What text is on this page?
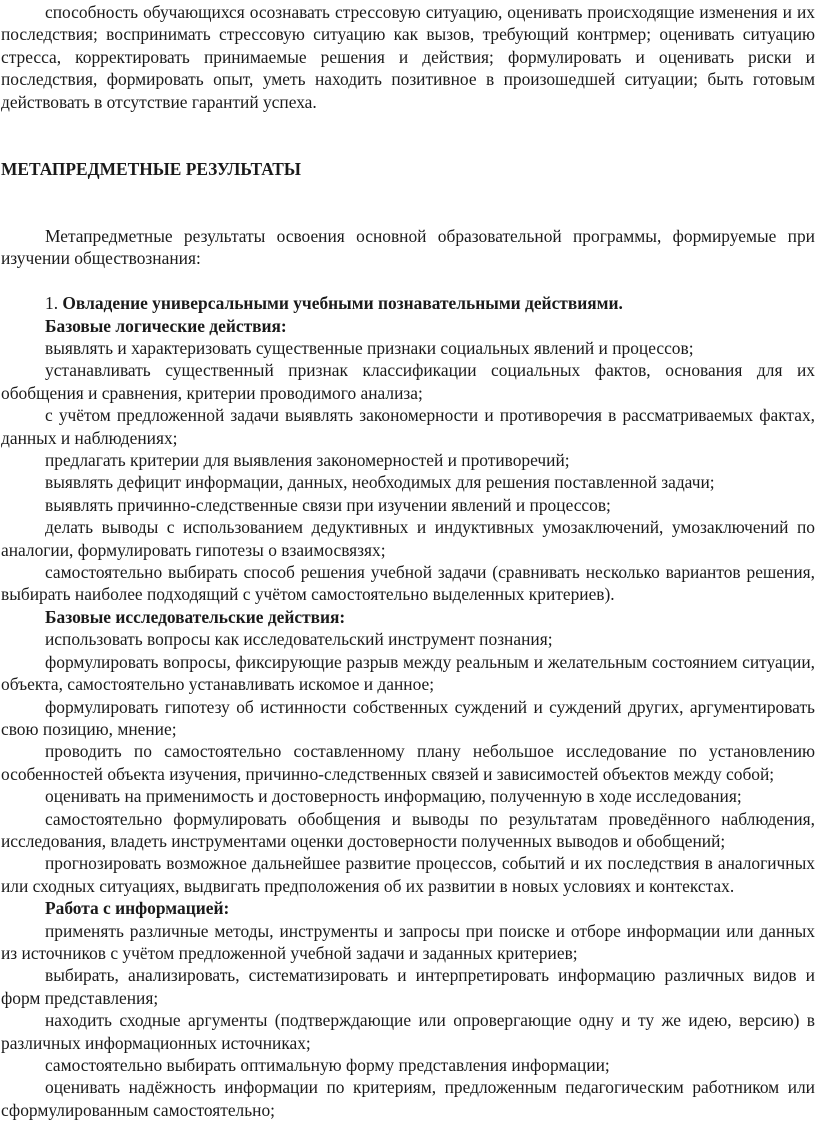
способность обучающихся осознавать стрессовую ситуацию, оценивать происходящие изменения и их последствия; воспринимать стрессовую ситуацию как вызов, требующий контрмер; оценивать ситуацию стресса, корректировать принимаемые решения и действия; формулировать и оценивать риски и последствия, формировать опыт, уметь находить позитивное в произошедшей ситуации; быть готовым действовать в отсутствие гарантий успеха.

МЕТАПРЕДМЕТНЫЕ РЕЗУЛЬТАТЫ

Метапредметные результаты освоения основной образовательной программы, формируемые при изучении обществознания:

1. Овладение универсальными учебными познавательными действиями.

Базовые логические действия:

выявлять и характеризовать существенные признаки социальных явлений и процессов;

устанавливать существенный признак классификации социальных фактов, основания для их обобщения и сравнения, критерии проводимого анализа;

с учётом предложенной задачи выявлять закономерности и противоречия в рассматриваемых фактах, данных и наблюдениях;

предлагать критерии для выявления закономерностей и противоречий;

выявлять дефицит информации, данных, необходимых для решения поставленной задачи;

выявлять причинно-следственные связи при изучении явлений и процессов;

делать выводы с использованием дедуктивных и индуктивных умозаключений, умозаключений по аналогии, формулировать гипотезы о взаимосвязях;

самостоятельно выбирать способ решения учебной задачи (сравнивать несколько вариантов решения, выбирать наиболее подходящий с учётом самостоятельно выделенных критериев).

Базовые исследовательские действия:

использовать вопросы как исследовательский инструмент познания;

формулировать вопросы, фиксирующие разрыв между реальным и желательным состоянием ситуации, объекта, самостоятельно устанавливать искомое и данное;

формулировать гипотезу об истинности собственных суждений и суждений других, аргументировать свою позицию, мнение;

проводить по самостоятельно составленному плану небольшое исследование по установлению особенностей объекта изучения, причинно-следственных связей и зависимостей объектов между собой;

оценивать на применимость и достоверность информацию, полученную в ходе исследования;

самостоятельно формулировать обобщения и выводы по результатам проведённого наблюдения, исследования, владеть инструментами оценки достоверности полученных выводов и обобщений;

прогнозировать возможное дальнейшее развитие процессов, событий и их последствия в аналогичных или сходных ситуациях, выдвигать предположения об их развитии в новых условиях и контекстах.

Работа с информацией:

применять различные методы, инструменты и запросы при поиске и отборе информации или данных из источников с учётом предложенной учебной задачи и заданных критериев;

выбирать, анализировать, систематизировать и интерпретировать информацию различных видов и форм представления;

находить сходные аргументы (подтверждающие или опровергающие одну и ту же идею, версию) в различных информационных источниках;

самостоятельно выбирать оптимальную форму представления информации;

оценивать надёжность информации по критериям, предложенным педагогическим работником или сформулированным самостоятельно;
